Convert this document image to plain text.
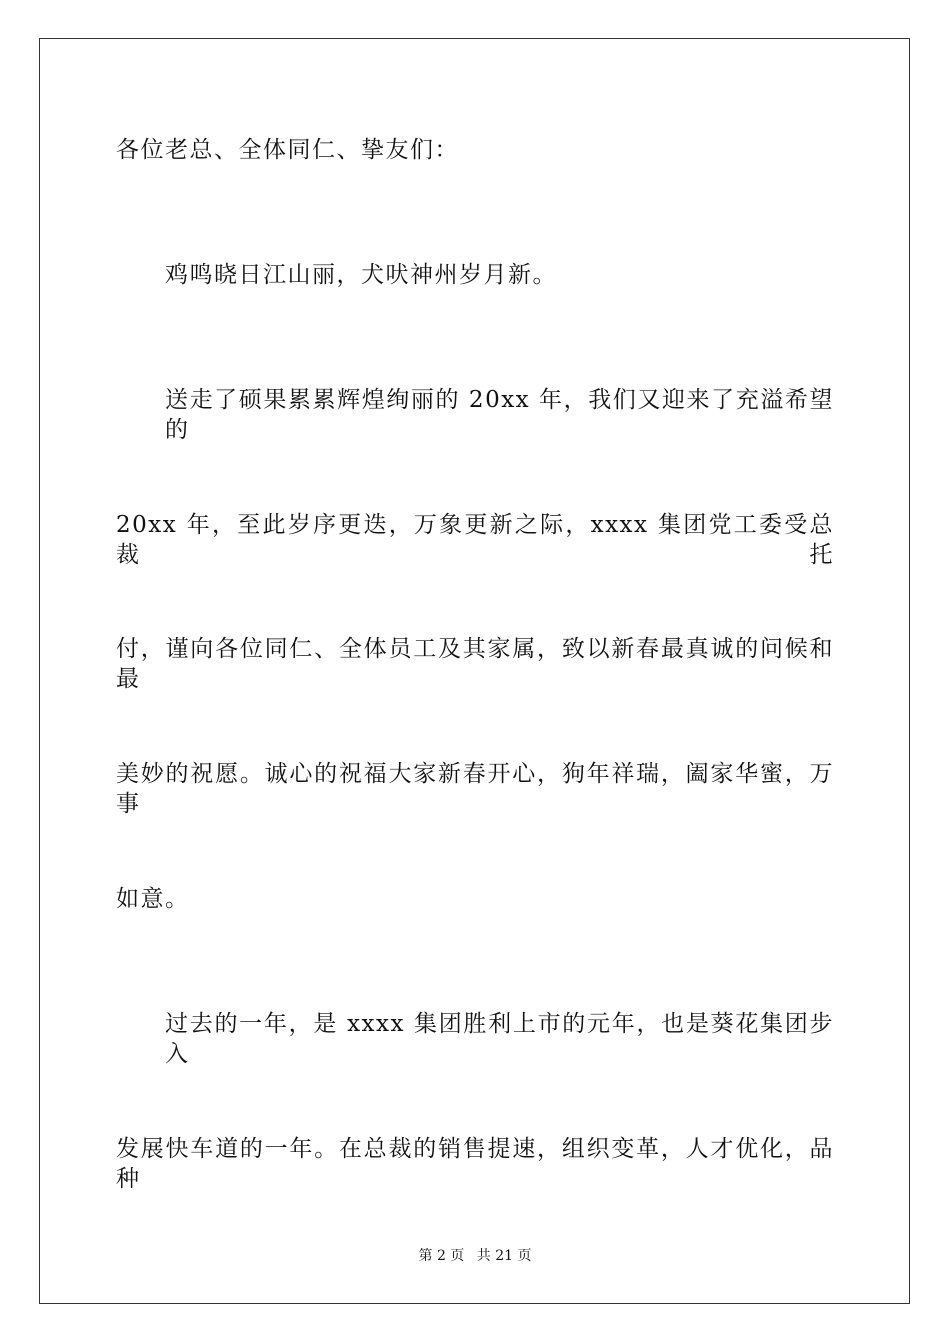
各位老总、全体同仁、挚友们：
鸡鸣晓日江山丽，犬吠神州岁月新。
送走了硕果累累辉煌绚丽的 20xx 年，我们又迎来了充溢希望的
20xx 年，至此岁序更迭，万象更新之际，xxxx 集团党工委受总裁托
付，谨向各位同仁、全体员工及其家属，致以新春最真诚的问候和最
美妙的祝愿。诚心的祝福大家新春开心，狗年祥瑞，阖家华蜜，万事
如意。
过去的一年，是 xxxx 集团胜利上市的元年，也是葵花集团步入
发展快车道的一年。在总裁的销售提速，组织变革，人才优化，品种
第 2 页 共 21 页
